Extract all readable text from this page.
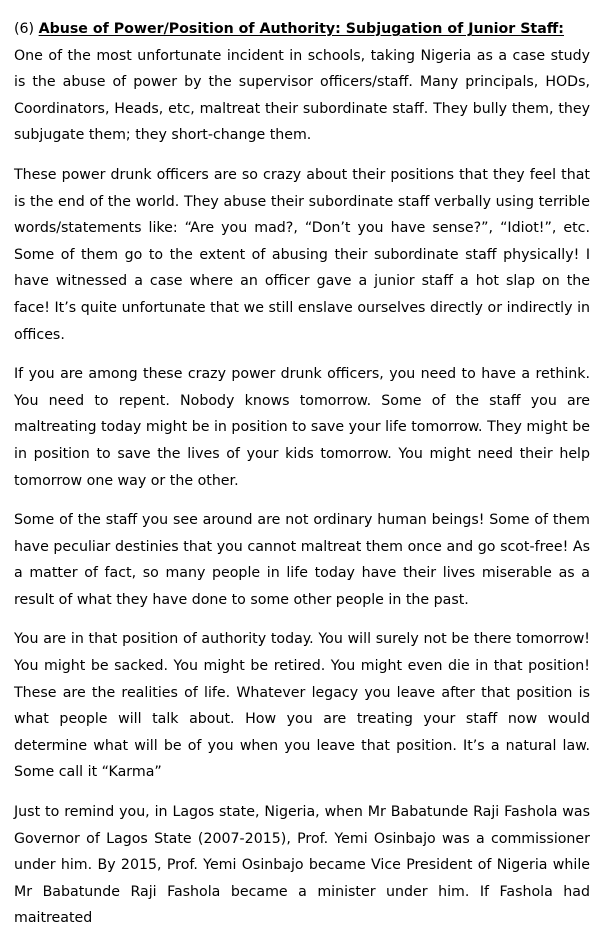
(6) Abuse of Power/Position of Authority: Subjugation of Junior Staff:

One of the most unfortunate incident in schools, taking Nigeria as a case study is the abuse of power by the supervisor officers/staff. Many principals, HODs, Coordinators, Heads, etc, maltreat their subordinate staff. They bully them, they subjugate them; they short-change them.

These power drunk officers are so crazy about their positions that they feel that is the end of the world. They abuse their subordinate staff verbally using terrible words/statements like: “Are you mad?, “Don’t you have sense?”, “Idiot!”, etc. Some of them go to the extent of abusing their subordinate staff physically! I have witnessed a case where an officer gave a junior staff a hot slap on the face! It’s quite unfortunate that we still enslave ourselves directly or indirectly in offices.

If you are among these crazy power drunk officers, you need to have a rethink. You need to repent. Nobody knows tomorrow. Some of the staff you are maltreating today might be in position to save your life tomorrow. They might be in position to save the lives of your kids tomorrow. You might need their help tomorrow one way or the other.

Some of the staff you see around are not ordinary human beings! Some of them have peculiar destinies that you cannot maltreat them once and go scot-free! As a matter of fact, so many people in life today have their lives miserable as a result of what they have done to some other people in the past.

You are in that position of authority today. You will surely not be there tomorrow! You might be sacked. You might be retired. You might even die in that position! These are the realities of life. Whatever legacy you leave after that position is what people will talk about. How you are treating your staff now would determine what will be of you when you leave that position. It’s a natural law. Some call it “Karma”

Just to remind you, in Lagos state, Nigeria, when Mr Babatunde Raji Fashola was Governor of Lagos State (2007-2015), Prof. Yemi Osinbajo was a commissioner under him. By 2015, Prof. Yemi Osinbajo became Vice President of Nigeria while Mr Babatunde Raji Fashola became a minister under him. If Fashola had maitreated
